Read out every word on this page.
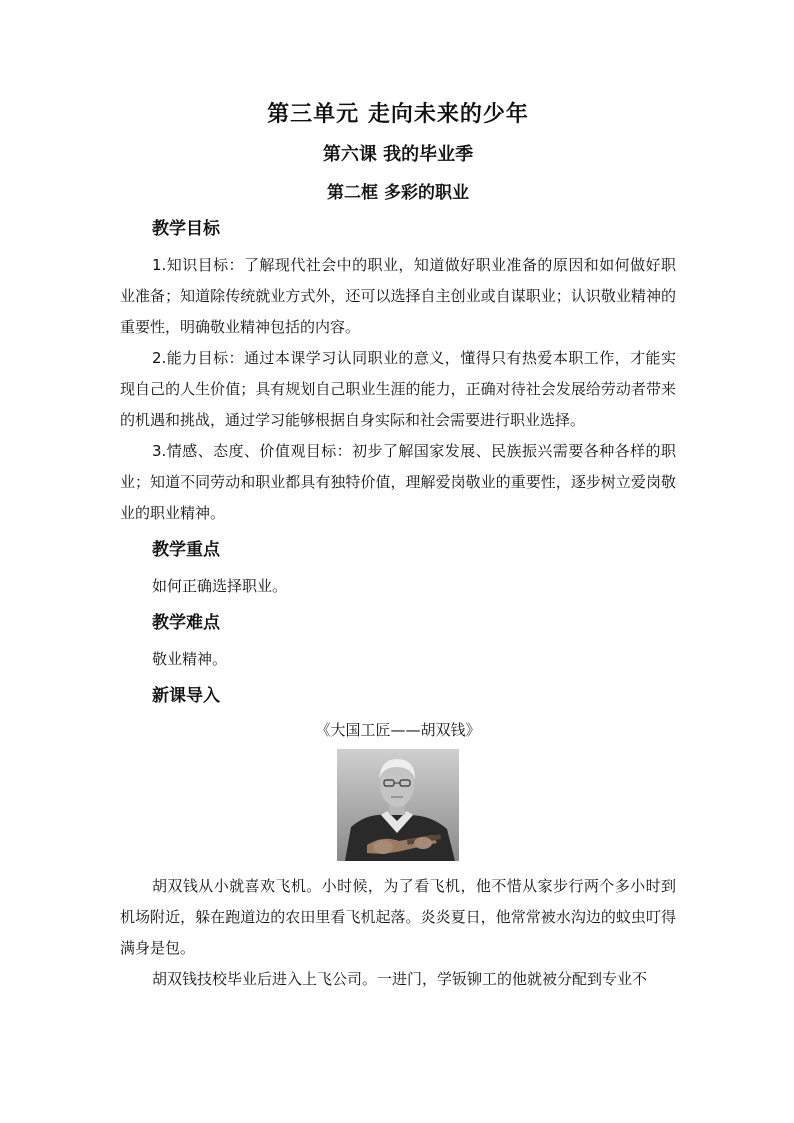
第三单元 走向未来的少年
第六课 我的毕业季
第二框 多彩的职业
教学目标

1.知识目标：了解现代社会中的职业，知道做好职业准备的原因和如何做好职业准备；知道除传统就业方式外，还可以选择自主创业或自谋职业；认识敬业精神的重要性，明确敬业精神包括的内容。

2.能力目标：通过本课学习认同职业的意义，懂得只有热爱本职工作，才能实现自己的人生价值；具有规划自己职业生涯的能力，正确对待社会发展给劳动者带来的机遇和挑战，通过学习能够根据自身实际和社会需要进行职业选择。

3.情感、态度、价值观目标：初步了解国家发展、民族振兴需要各种各样的职业；知道不同劳动和职业都具有独特价值，理解爱岗敬业的重要性，逐步树立爱岗敬业的职业精神。

教学重点
如何正确选择职业。
教学难点
敬业精神。
新课导入
《大国工匠——胡双钱》

胡双钱从小就喜欢飞机。小时候，为了看飞机，他不惜从家步行两个多小时到机场附近，躲在跑道边的农田里看飞机起落。炎炎夏日，他常常被水沟边的蚊虫叮得满身是包。

胡双钱技校毕业后进入上飞公司。一进门，学钣铆工的他就被分配到专业不
